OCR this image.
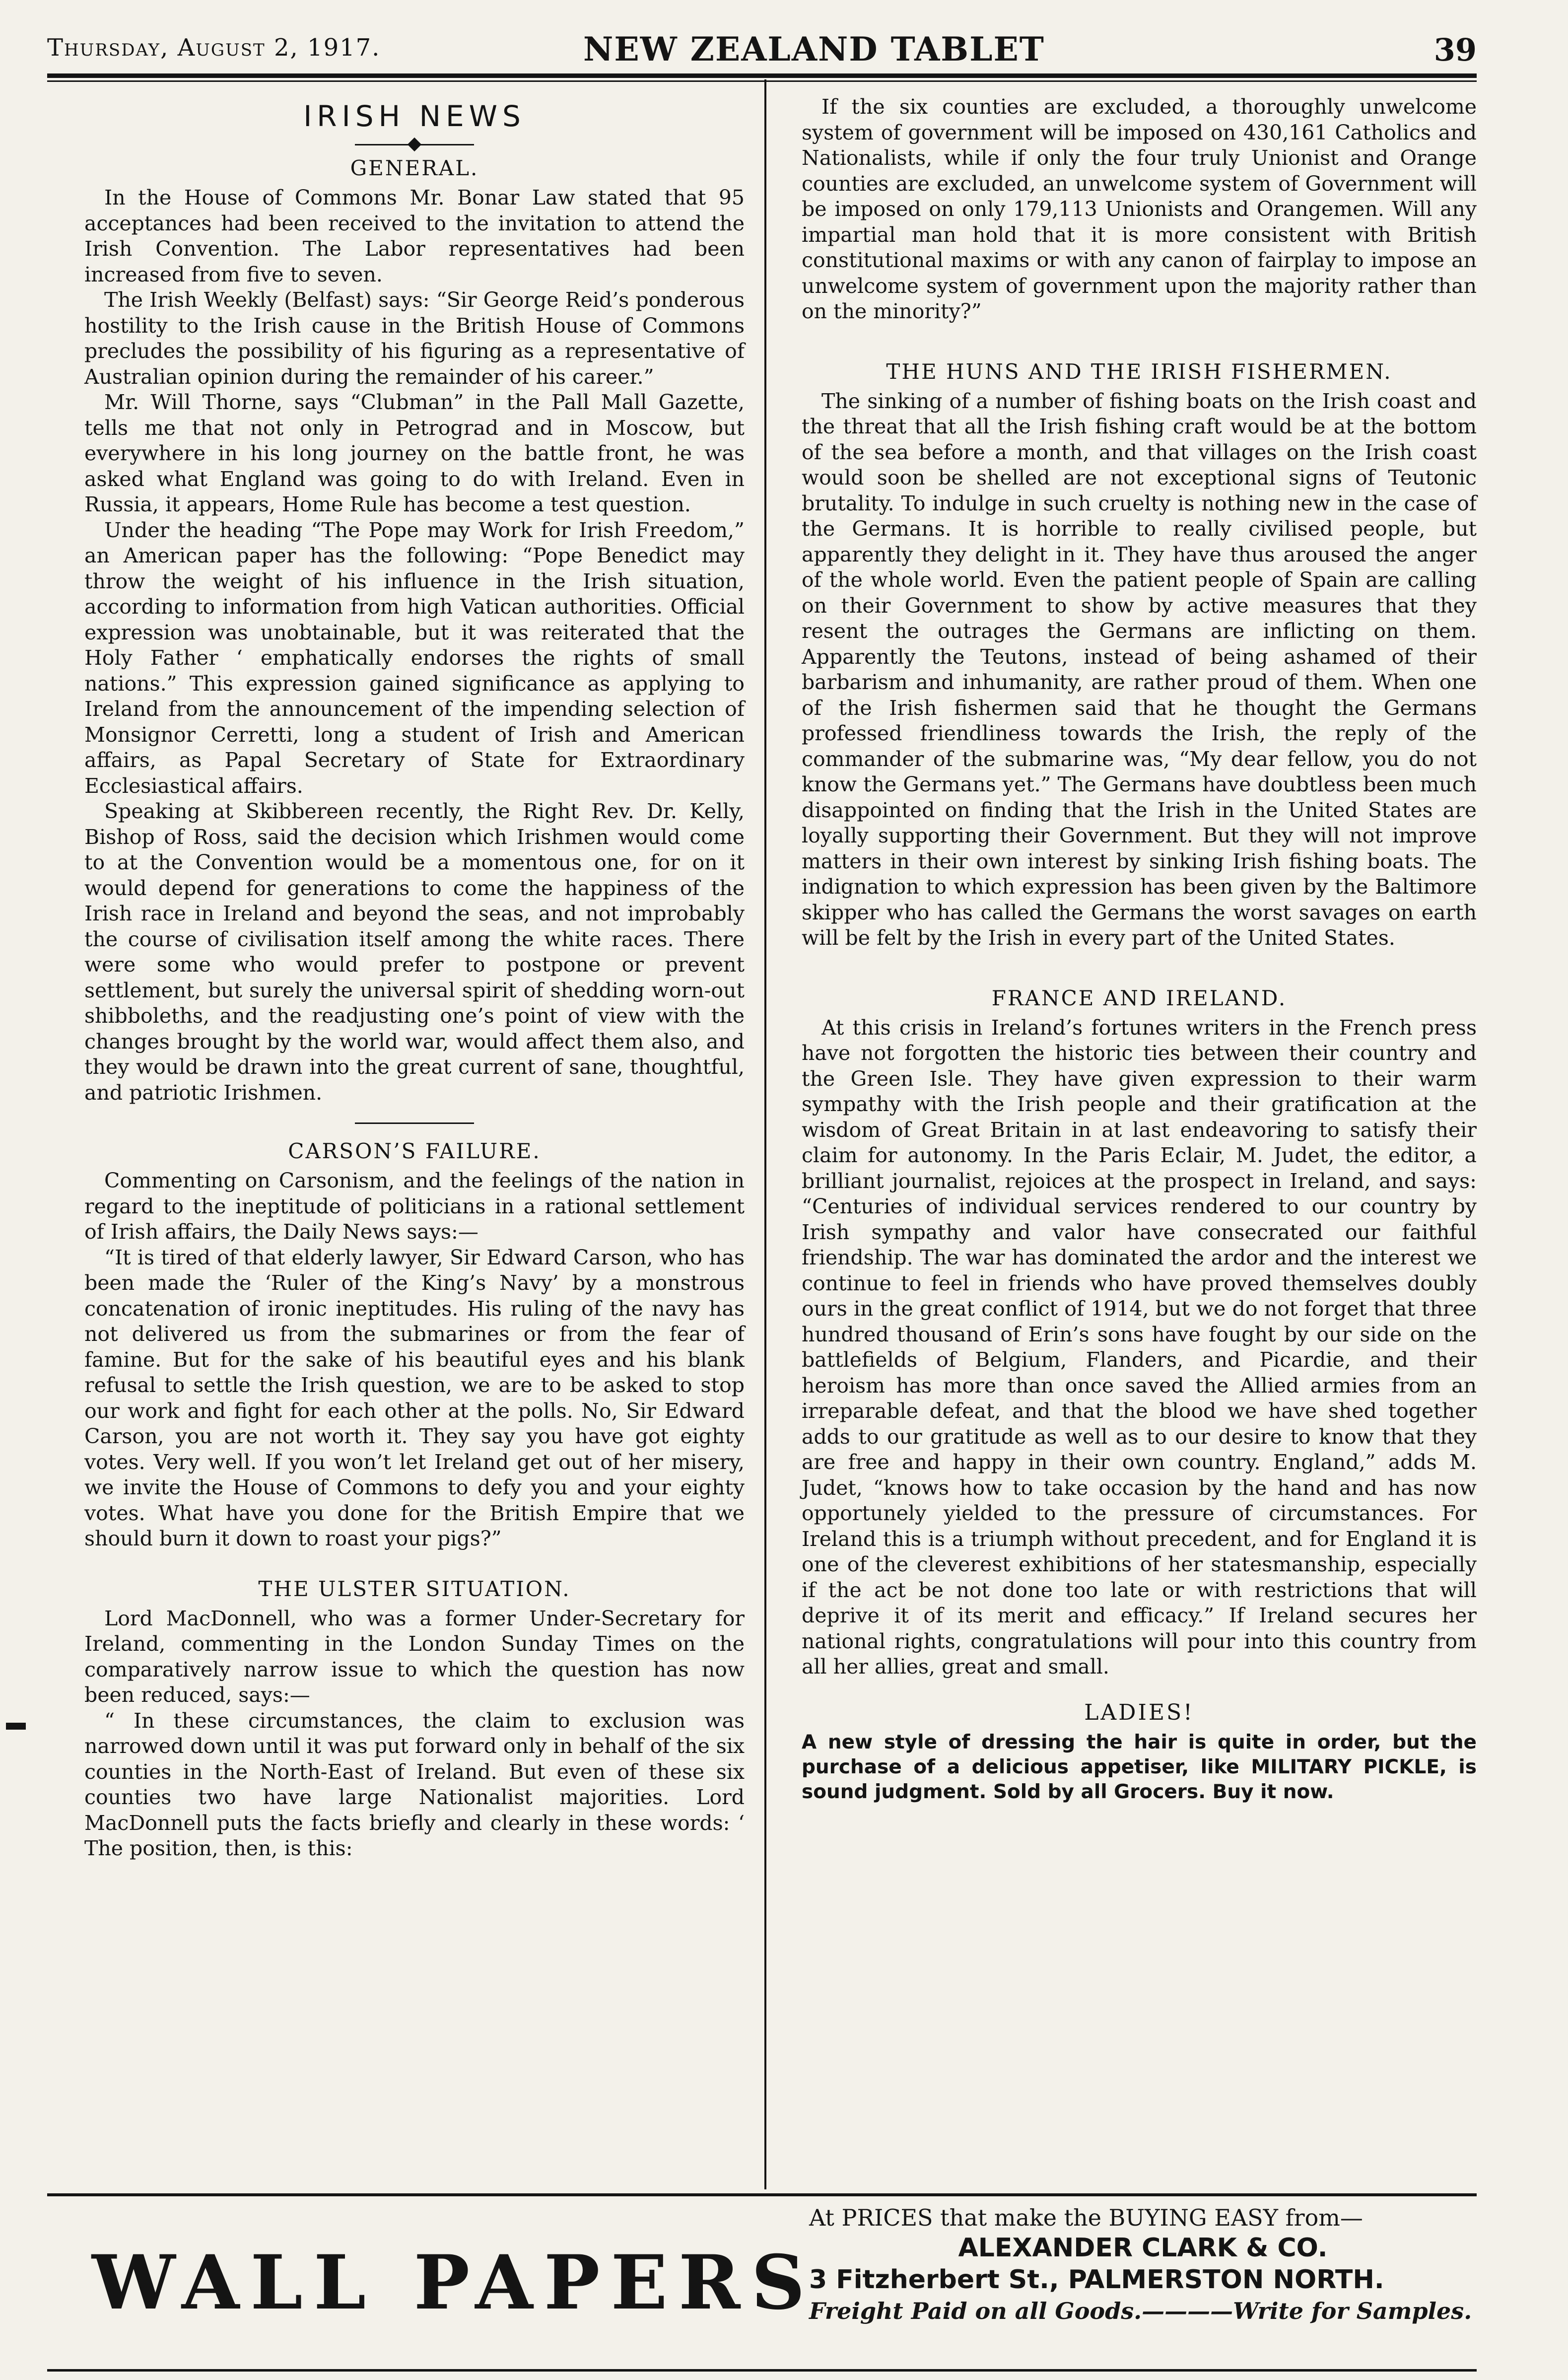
Thursday, August 2, 1917.	NEW ZEALAND TABLET	39
IRISH NEWS
GENERAL.

In the House of Commons Mr. Bonar Law stated that 95 acceptances had been received to the invitation to attend the Irish Convention. The Labor representatives had been increased from five to seven.

The Irish Weekly (Belfast) says: “Sir George Reid’s ponderous hostility to the Irish cause in the British House of Commons precludes the possibility of his figuring as a representative of Australian opinion during the remainder of his career.”

Mr. Will Thorne, says “Clubman” in the Pall Mall Gazette, tells me that not only in Petrograd and in Moscow, but everywhere in his long journey on the battle front, he was asked what England was going to do with Ireland. Even in Russia, it appears, Home Rule has become a test question.

Under the heading “The Pope may Work for Irish Freedom,” an American paper has the following: “Pope Benedict may throw the weight of his influence in the Irish situation, according to information from high Vatican authorities. Official expression was unobtainable, but it was reiterated that the Holy Father ‘ emphatically endorses the rights of small nations.” This expression gained significance as applying to Ireland from the announcement of the impending selection of Monsignor Cerretti, long a student of Irish and American affairs, as Papal Secretary of State for Extraordinary Ecclesiastical affairs.

Speaking at Skibbereen recently, the Right Rev. Dr. Kelly, Bishop of Ross, said the decision which Irishmen would come to at the Convention would be a momentous one, for on it would depend for generations to come the happiness of the Irish race in Ireland and beyond the seas, and not improbably the course of civilisation itself among the white races. There were some who would prefer to postpone or prevent settlement, but surely the universal spirit of shedding worn-out shibboleths, and the readjusting one’s point of view with the changes brought by the world war, would affect them also, and they would be drawn into the great current of sane, thoughtful, and patriotic Irishmen.

CARSON’S FAILURE.

Commenting on Carsonism, and the feelings of the nation in regard to the ineptitude of politicians in a rational settlement of Irish affairs, the Daily News says:—

“It is tired of that elderly lawyer, Sir Edward Carson, who has been made the ‘Ruler of the King’s Navy’ by a monstrous concatenation of ironic ineptitudes. His ruling of the navy has not delivered us from the submarines or from the fear of famine. But for the sake of his beautiful eyes and his blank refusal to settle the Irish question, we are to be asked to stop our work and fight for each other at the polls. No, Sir Edward Carson, you are not worth it. They say you have got eighty votes. Very well. If you won’t let Ireland get out of her misery, we invite the House of Commons to defy you and your eighty votes. What have you done for the British Empire that we should burn it down to roast your pigs?”

THE ULSTER SITUATION.

Lord MacDonnell, who was a former Under-Secretary for Ireland, commenting in the London Sunday Times on the comparatively narrow issue to which the question has now been reduced, says:—

“ In these circumstances, the claim to exclusion was narrowed down until it was put forward only in behalf of the six counties in the North-East of Ireland. But even of these six counties two have large Nationalist majorities. Lord MacDonnell puts the facts briefly and clearly in these words: ‘ The position, then, is this:

If the six counties are excluded, a thoroughly unwelcome system of government will be imposed on 430,161 Catholics and Nationalists, while if only the four truly Unionist and Orange counties are excluded, an unwelcome system of Government will be imposed on only 179,113 Unionists and Orangemen. Will any impartial man hold that it is more consistent with British constitutional maxims or with any canon of fairplay to impose an unwelcome system of government upon the majority rather than on the minority?”

THE HUNS AND THE IRISH FISHERMEN.

The sinking of a number of fishing boats on the Irish coast and the threat that all the Irish fishing craft would be at the bottom of the sea before a month, and that villages on the Irish coast would soon be shelled are not exceptional signs of Teutonic brutality. To indulge in such cruelty is nothing new in the case of the Germans. It is horrible to really civilised people, but apparently they delight in it. They have thus aroused the anger of the whole world. Even the patient people of Spain are calling on their Government to show by active measures that they resent the outrages the Germans are inflicting on them. Apparently the Teutons, instead of being ashamed of their barbarism and inhumanity, are rather proud of them. When one of the Irish fishermen said that he thought the Germans professed friendliness towards the Irish, the reply of the commander of the submarine was, “My dear fellow, you do not know the Germans yet.” The Germans have doubtless been much disappointed on finding that the Irish in the United States are loyally supporting their Government. But they will not improve matters in their own interest by sinking Irish fishing boats. The indignation to which expression has been given by the Baltimore skipper who has called the Germans the worst savages on earth will be felt by the Irish in every part of the United States.

FRANCE AND IRELAND.

At this crisis in Ireland’s fortunes writers in the French press have not forgotten the historic ties between their country and the Green Isle. They have given expression to their warm sympathy with the Irish people and their gratification at the wisdom of Great Britain in at last endeavoring to satisfy their claim for autonomy. In the Paris Eclair, M. Judet, the editor, a brilliant journalist, rejoices at the prospect in Ireland, and says: “Centuries of individual services rendered to our country by Irish sympathy and valor have consecrated our faithful friendship. The war has dominated the ardor and the interest we continue to feel in friends who have proved themselves doubly ours in the great conflict of 1914, but we do not forget that three hundred thousand of Erin’s sons have fought by our side on the battlefields of Belgium, Flanders, and Picardie, and their heroism has more than once saved the Allied armies from an irreparable defeat, and that the blood we have shed together adds to our gratitude as well as to our desire to know that they are free and happy in their own country. England,” adds M. Judet, “knows how to take occasion by the hand and has now opportunely yielded to the pressure of circumstances. For Ireland this is a triumph without precedent, and for England it is one of the cleverest exhibitions of her statesmanship, especially if the act be not done too late or with restrictions that will deprive it of its merit and efficacy.” If Ireland secures her national rights, congratulations will pour into this country from all her allies, great and small.

LADIES!

A new style of dressing the hair is quite in order, but the purchase of a delicious appetiser, like MILITARY PICKLE, is sound judgment. Sold by all Grocers. Buy it now.

WALL PAPERS
At PRICES that make the BUYING EASY from—
ALEXANDER CLARK & CO.
3 Fitzherbert St., PALMERSTON NORTH.
Freight Paid on all Goods.————Write for Samples.
